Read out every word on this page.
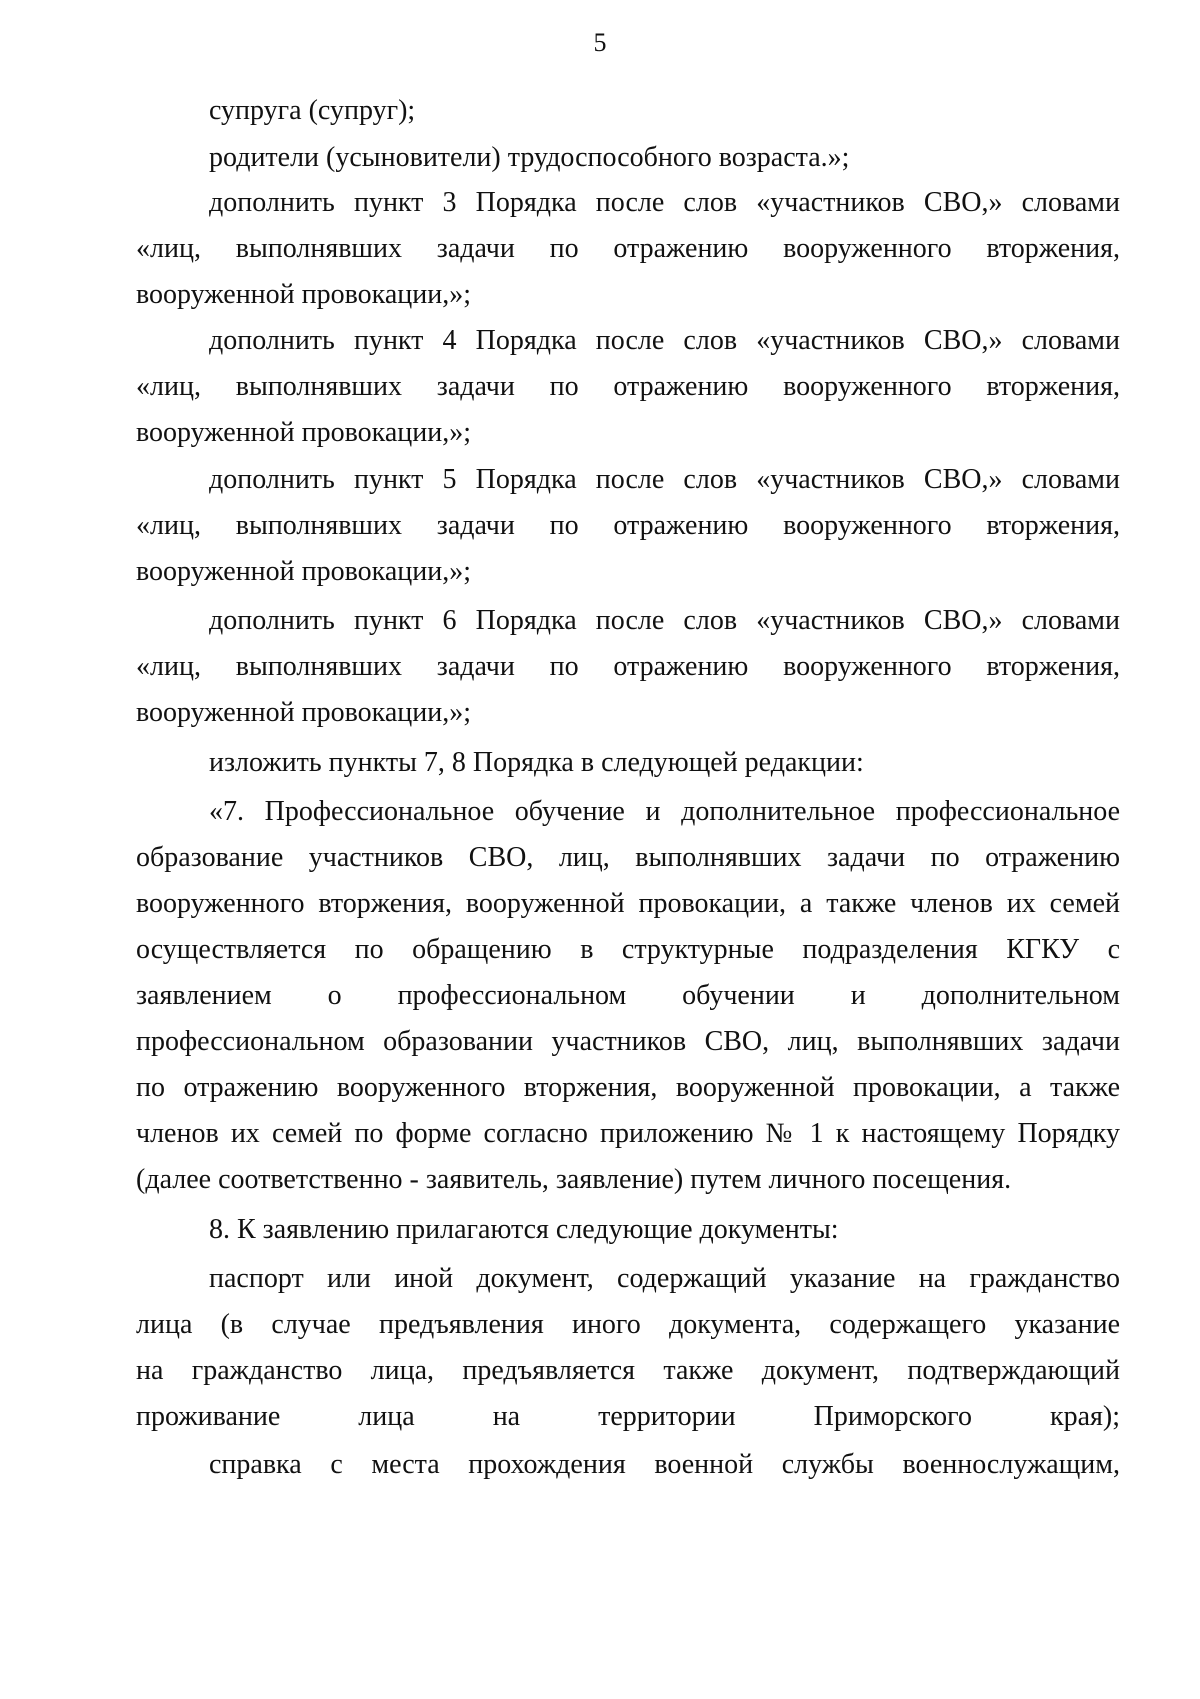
5
супруга (супруг);
родители (усыновители) трудоспособного возраста.»;
дополнить пункт 3 Порядка после слов «участников СВО,» словами
«лиц, выполнявших задачи по отражению вооруженного вторжения,
вооруженной провокации,»;
дополнить пункт 4 Порядка после слов «участников СВО,» словами
«лиц, выполнявших задачи по отражению вооруженного вторжения,
вооруженной провокации,»;
дополнить пункт 5 Порядка после слов «участников СВО,» словами
«лиц, выполнявших задачи по отражению вооруженного вторжения,
вооруженной провокации,»;
дополнить пункт 6 Порядка после слов «участников СВО,» словами
«лиц, выполнявших задачи по отражению вооруженного вторжения,
вооруженной провокации,»;
изложить пункты 7, 8 Порядка в следующей редакции:
«7. Профессиональное обучение и дополнительное профессиональное
образование участников СВО, лиц, выполнявших задачи по отражению
вооруженного вторжения, вооруженной провокации, а также членов их семей
осуществляется по обращению в структурные подразделения КГКУ с
заявлением о профессиональном обучении и дополнительном
профессиональном образовании участников СВО, лиц, выполнявших задачи
по отражению вооруженного вторжения, вооруженной провокации, а также
членов их семей по форме согласно приложению № 1 к настоящему Порядку
(далее соответственно - заявитель, заявление) путем личного посещения.
8. К заявлению прилагаются следующие документы:
паспорт или иной документ, содержащий указание на гражданство
лица (в случае предъявления иного документа, содержащего указание
на гражданство лица, предъявляется также документ, подтверждающий
проживание лица на территории Приморского края);
справка с места прохождения военной службы военнослужащим,
